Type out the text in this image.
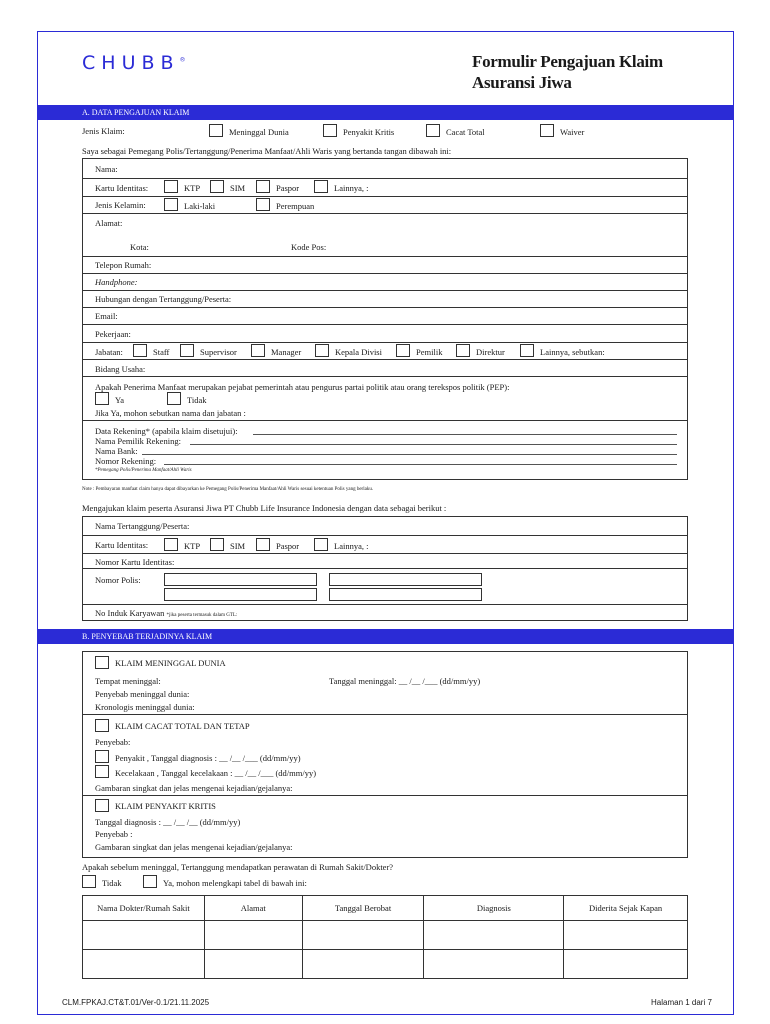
CHUBB®	Formulir Pengajuan Klaim
Asuransi Jiwa
A. DATA PENGAJUAN KLAIM
Jenis Klaim:	Meninggal Dunia	Penyakit Kritis	Cacat Total	Waiver
Saya sebagai Pemegang Polis/Tertanggung/Penerima Manfaat/Ahli Waris yang bertanda tangan dibawah ini:
Nama:
Kartu Identitas:	KTP	SIM	Paspor	Lainnya, :
Jenis Kelamin:	Laki-laki	Perempuan
Alamat:
Kota:	Kode Pos:
Telepon Rumah:
Handphone:
Hubungan dengan Tertanggung/Peserta:
Email:
Pekerjaan:
Jabatan:	Staff	Supervisor	Manager	Kepala Divisi	Pemilik	Direktur	Lainnya, sebutkan:
Bidang Usaha:
Apakah Penerima Manfaat merupakan pejabat pemerintah atau pengurus partai politik atau orang terekspos politik (PEP):
Ya	Tidak
Jika Ya, mohon sebutkan nama dan jabatan :
Data Rekening* (apabila klaim disetujui):
Nama Pemilik Rekening:
Nama Bank:
Nomor Rekening:
*Pemegang Polis/Penerima Manfaat/Ahli Waris
Note : Pembayaran manfaat claim hanya dapat dibayarkan ke Pemegang Polis/Penerima Manfaat/Ahli Waris sesuai ketentuan Polis yang berlaku.
Mengajukan klaim peserta Asuransi Jiwa PT Chubb Life Insurance Indonesia dengan data sebagai berikut :
Nama Tertanggung/Peserta:
Kartu Identitas:	KTP	SIM	Paspor	Lainnya, :
Nomor Kartu Identitas:
Nomor Polis:
No Induk Karyawan *jika peserta termasuk dalam GTL:
B. PENYEBAB TERJADINYA KLAIM
KLAIM MENINGGAL DUNIA
Tempat meninggal:	Tanggal meninggal: __ /__ /___ (dd/mm/yy)
Penyebab meninggal dunia:
Kronologis meninggal dunia:
KLAIM CACAT TOTAL DAN TETAP
Penyebab:
Penyakit , Tanggal diagnosis : __ /__ /___ (dd/mm/yy)
Kecelakaan , Tanggal kecelakaan : __ /__ /___ (dd/mm/yy)
Gambaran singkat dan jelas mengenai kejadian/gejalanya:
KLAIM PENYAKIT KRITIS
Tanggal diagnosis : __ /__ /__ (dd/mm/yy)
Penyebab :
Gambaran singkat dan jelas mengenai kejadian/gejalanya:
Apakah sebelum meninggal, Tertanggung mendapatkan perawatan di Rumah Sakit/Dokter?
Tidak	Ya, mohon melengkapi tabel di bawah ini:
Nama Dokter/Rumah Sakit	Alamat	Tanggal Berobat	Diagnosis	Diderita Sejak Kapan

CLM.FPKAJ.CT&T.01/Ver-0.1/21.11.2025	Halaman 1 dari 7
